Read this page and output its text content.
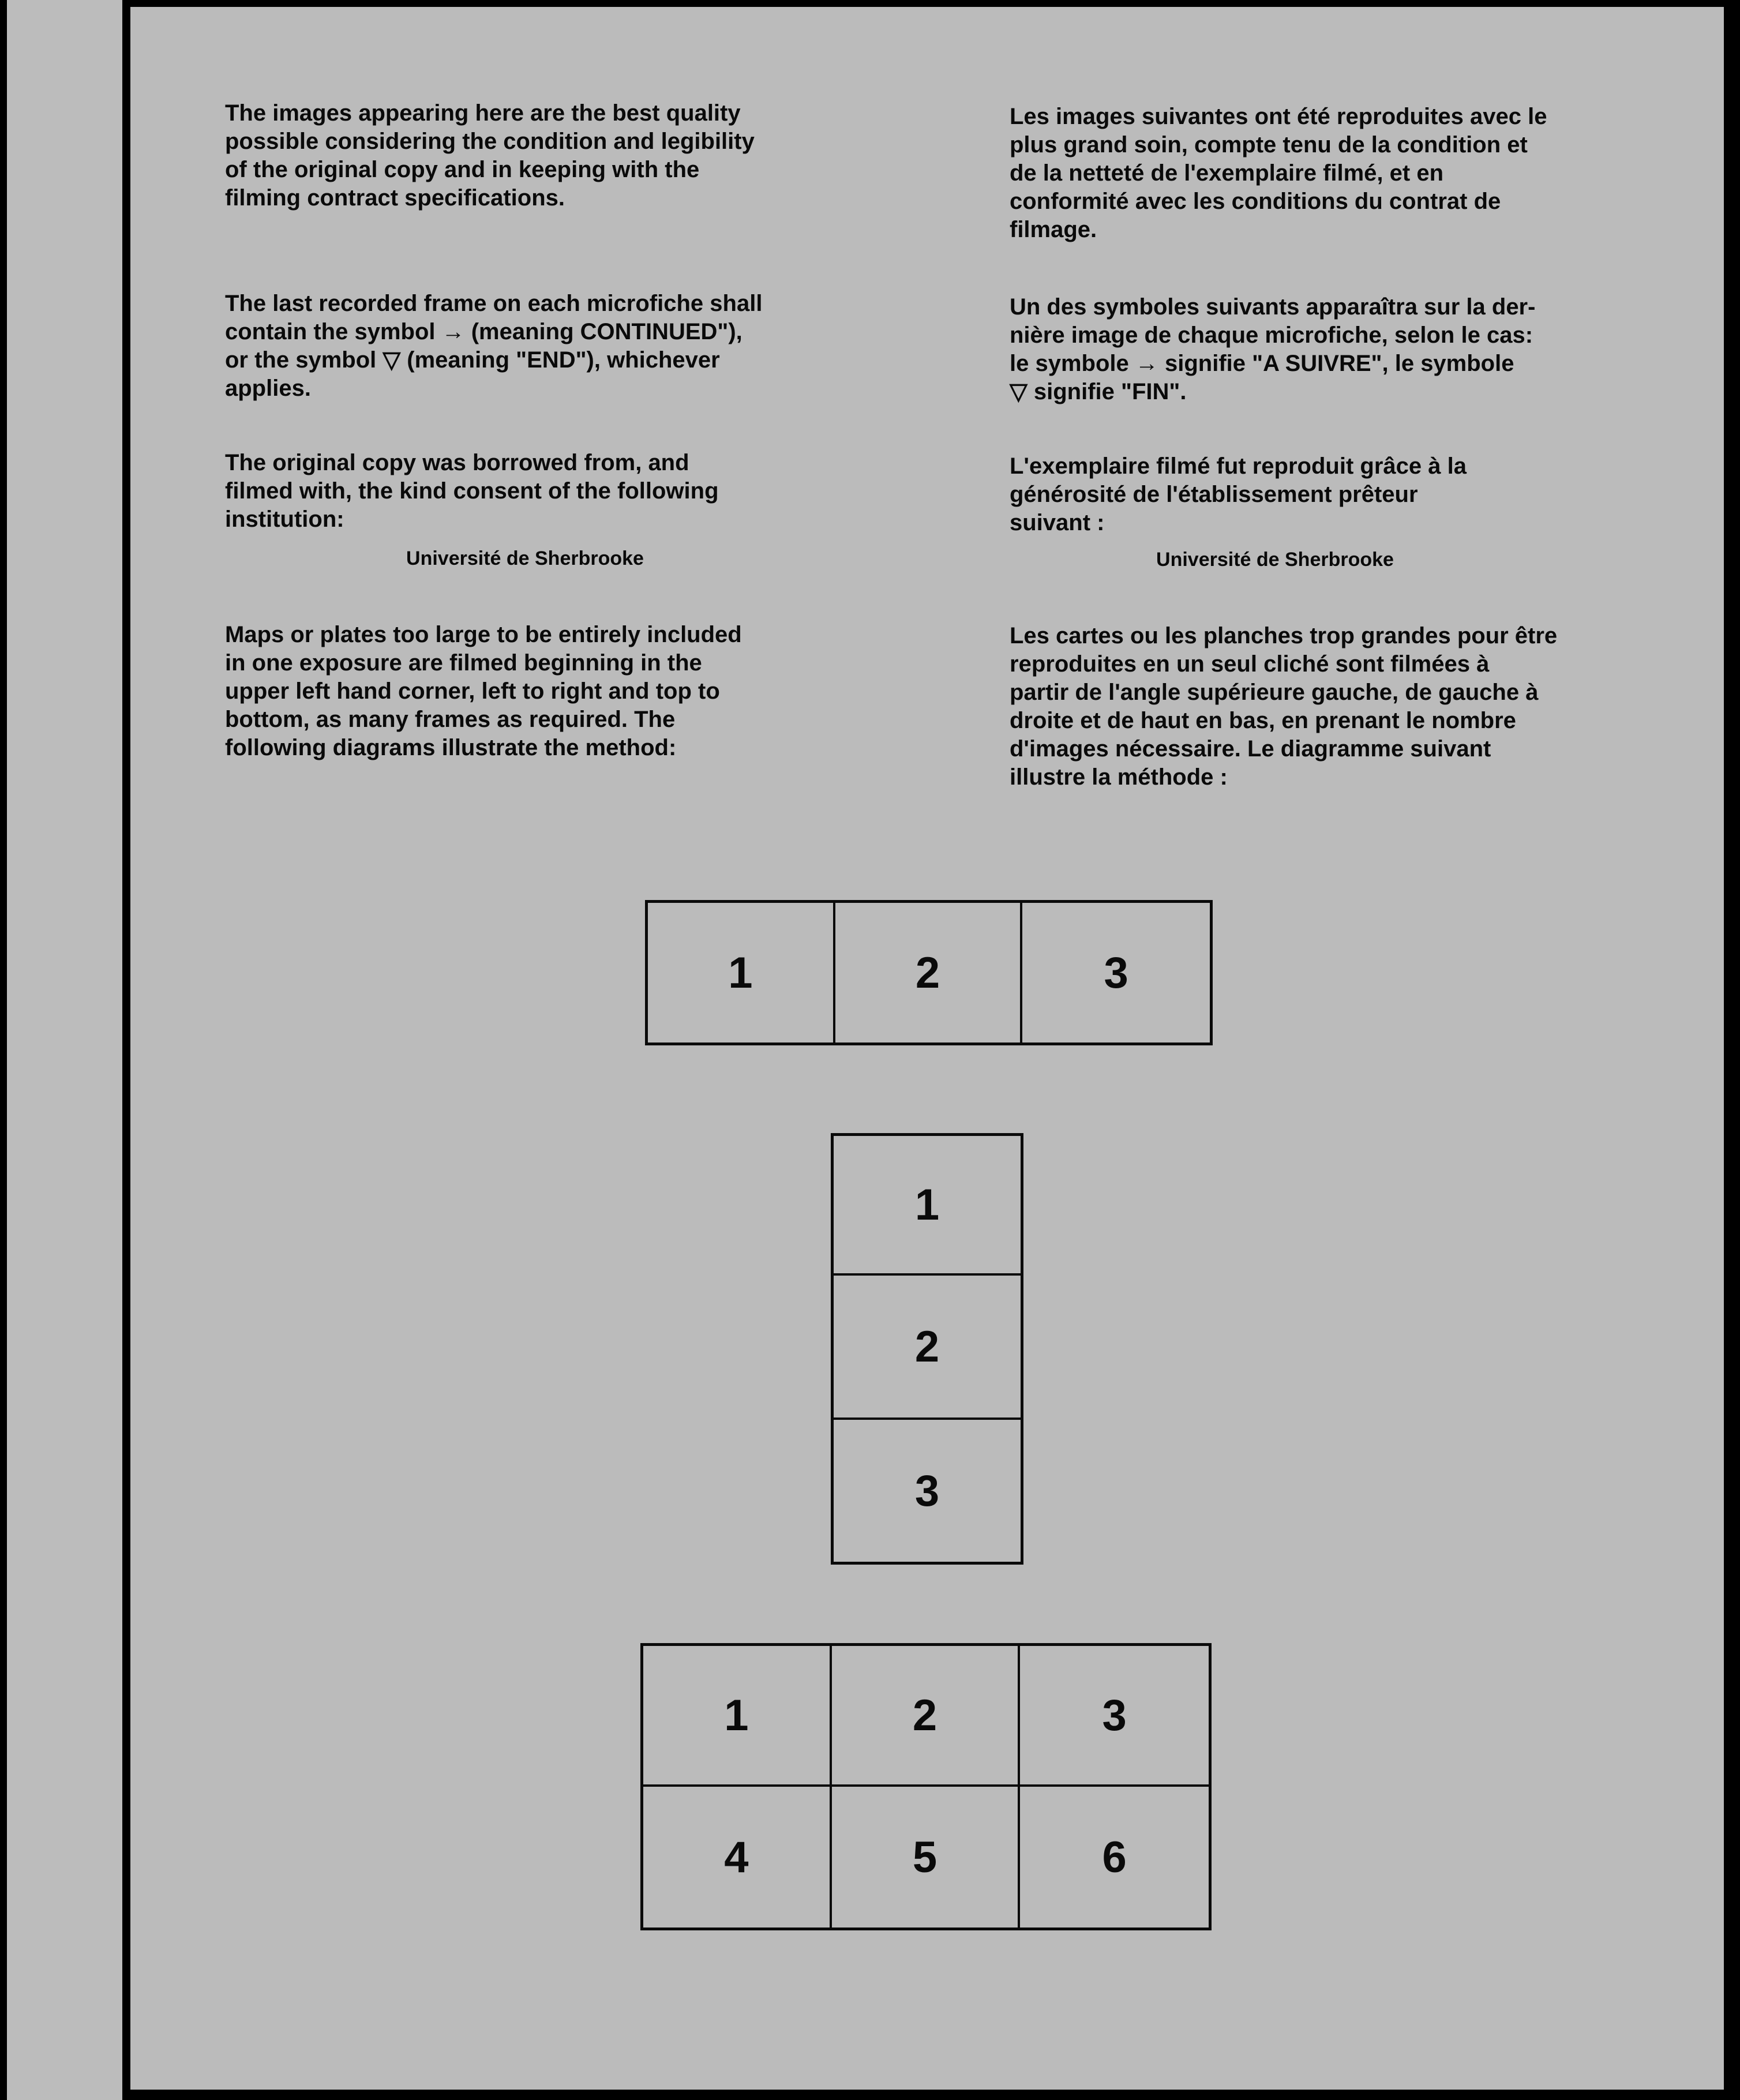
The images appearing here are the best quality
possible considering the condition and legibility
of the original copy and in keeping with the
filming contract specifications.

The last recorded frame on each microfiche shall
contain the symbol → (meaning CONTINUED"),
or the symbol ▽ (meaning "END"), whichever
applies.

The original copy was borrowed from, and
filmed with, the kind consent of the following
institution:

Université de Sherbrooke

Maps or plates too large to be entirely included
in one exposure are filmed beginning in the
upper left hand corner, left to right and top to
bottom, as many frames as required. The
following diagrams illustrate the method:

Les images suivantes ont été reproduites avec le
plus grand soin, compte tenu de la condition et
de la netteté de l'exemplaire filmé, et en
conformité avec les conditions du contrat de
filmage.

Un des symboles suivants apparaîtra sur la der-
nière image de chaque microfiche, selon le cas:
le symbole → signifie "A SUIVRE", le symbole
▽ signifie "FIN".

L'exemplaire filmé fut reproduit grâce à la
générosité de l'établissement prêteur
suivant :

Université de Sherbrooke

Les cartes ou les planches trop grandes pour être
reproduites en un seul cliché sont filmées à
partir de l'angle supérieure gauche, de gauche à
droite et de haut en bas, en prenant le nombre
d'images nécessaire. Le diagramme suivant
illustre la méthode :

1	2	3
1
2
3
1	2	3
4	5	6
